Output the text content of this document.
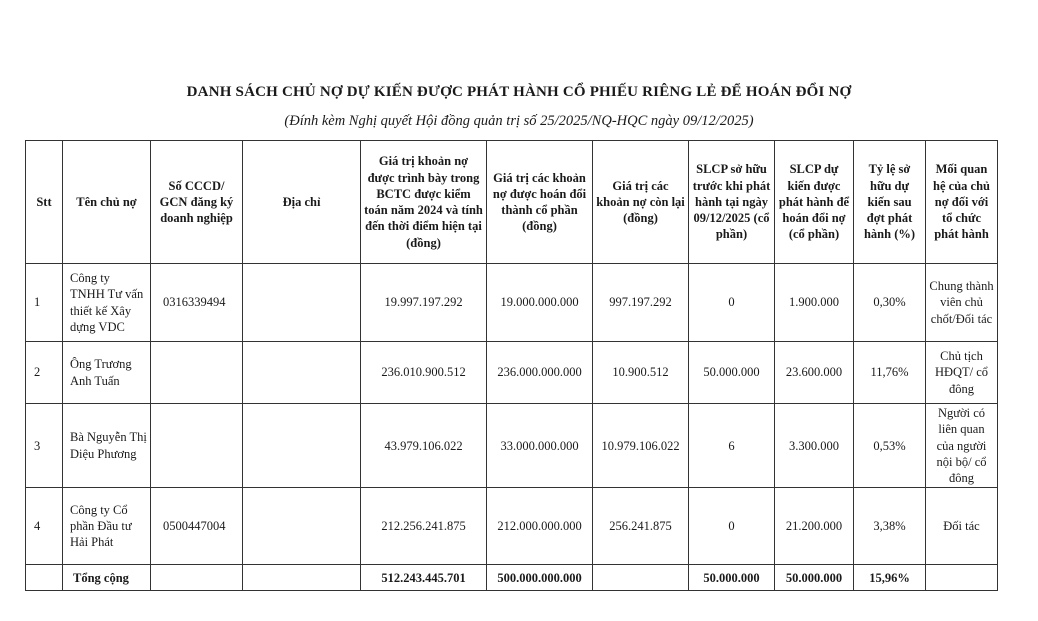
DANH SÁCH CHỦ NỢ DỰ KIẾN ĐƯỢC PHÁT HÀNH CỔ PHIẾU RIÊNG LẺ ĐỂ HOÁN ĐỔI NỢ
(Đính kèm Nghị quyết Hội đồng quản trị số 25/2025/NQ-HQC ngày 09/12/2025)
Stt	Tên chủ nợ	Số CCCD/ GCN đăng ký doanh nghiệp	Địa chỉ	Giá trị khoản nợ được trình bày trong BCTC được kiểm toán năm 2024 và tính đến thời điểm hiện tại (đồng)	Giá trị các khoản nợ được hoán đổi thành cổ phần (đồng)	Giá trị các khoản nợ còn lại (đồng)	SLCP sở hữu trước khi phát hành tại ngày 09/12/2025 (cổ phần)	SLCP dự kiến được phát hành để hoán đổi nợ (cổ phần)	Tỷ lệ sở hữu dự kiến sau đợt phát hành (%)	Mối quan hệ của chủ nợ đối với tổ chức phát hành
1	Công ty TNHH Tư vấn thiết kế Xây dựng VDC	0316339494		19.997.197.292	19.000.000.000	997.197.292	0	1.900.000	0,30%	Chung thành viên chủ chốt/Đối tác
2	Ông Trương Anh Tuấn			236.010.900.512	236.000.000.000	10.900.512	50.000.000	23.600.000	11,76%	Chủ tịch HĐQT/ cổ đông
3	Bà Nguyễn Thị Diệu Phương			43.979.106.022	33.000.000.000	10.979.106.022	6	3.300.000	0,53%	Người có liên quan của người nội bộ/ cổ đông
4	Công ty Cổ phần Đầu tư Hải Phát	0500447004		212.256.241.875	212.000.000.000	256.241.875	0	21.200.000	3,38%	Đối tác
	Tổng cộng			512.243.445.701	500.000.000.000		50.000.000	50.000.000	15,96%	
